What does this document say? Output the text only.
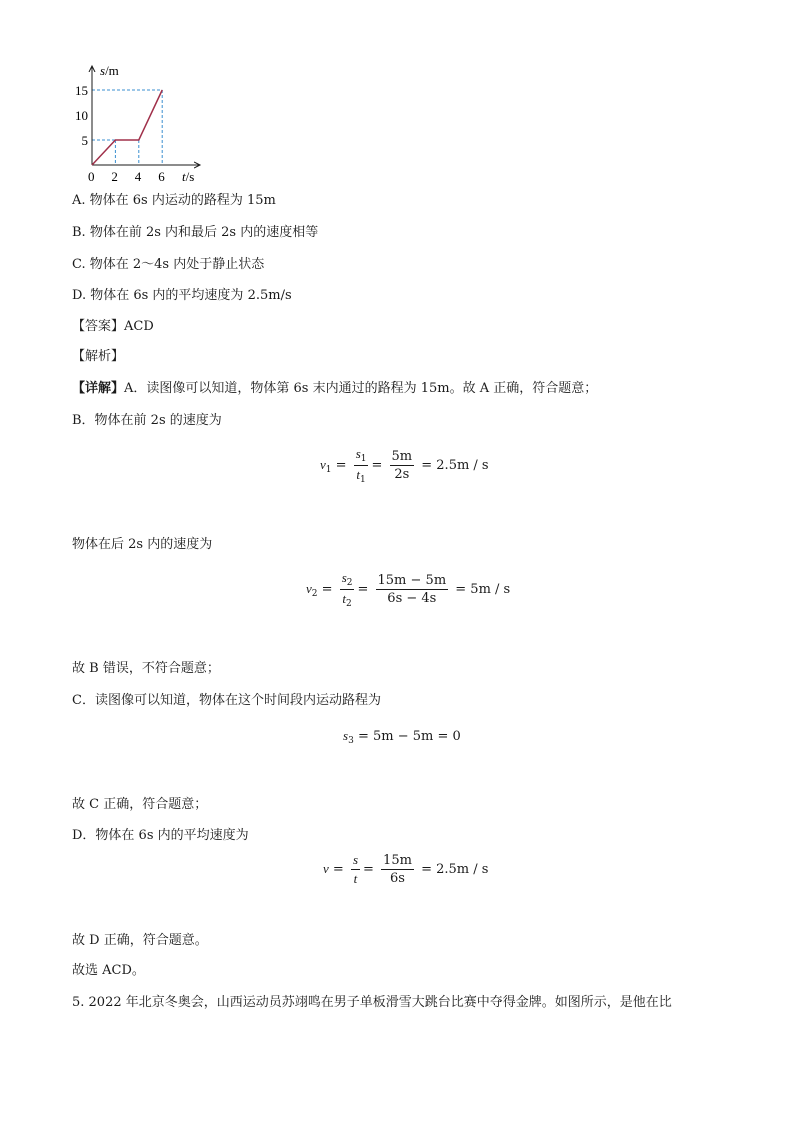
s/m
t/s
0 2 4 6
5
10
15
A. 物体在 6s 内运动的路程为 15m
B. 物体在前 2s 内和最后 2s 内的速度相等
C. 物体在 2～4s 内处于静止状态
D. 物体在 6s 内的平均速度为 2.5m/s
【答案】ACD
【解析】
【详解】A．读图像可以知道，物体第 6s 末内通过的路程为 15m。故 A 正确，符合题意；
B．物体在前 2s 的速度为
$v_1 = \frac{s_1}{t_1} = \frac{5m}{2s} = 2.5m / s$
物体在后 2s 内的速度为
$v_2 = \frac{s_2}{t_2} = \frac{15m - 5m}{6s - 4s} = 5m / s$
故 B 错误，不符合题意；
C．读图像可以知道，物体在这个时间段内运动路程为
$s_3 = 5m - 5m = 0$
故 C 正确，符合题意；
D．物体在 6s 内的平均速度为
$v = \frac{s}{t} = \frac{15m}{6s} = 2.5m / s$
故 D 正确，符合题意。
故选 ACD。
5. 2022 年北京冬奥会，山西运动员苏翊鸣在男子单板滑雪大跳台比赛中夺得金牌。如图所示，是他在比
